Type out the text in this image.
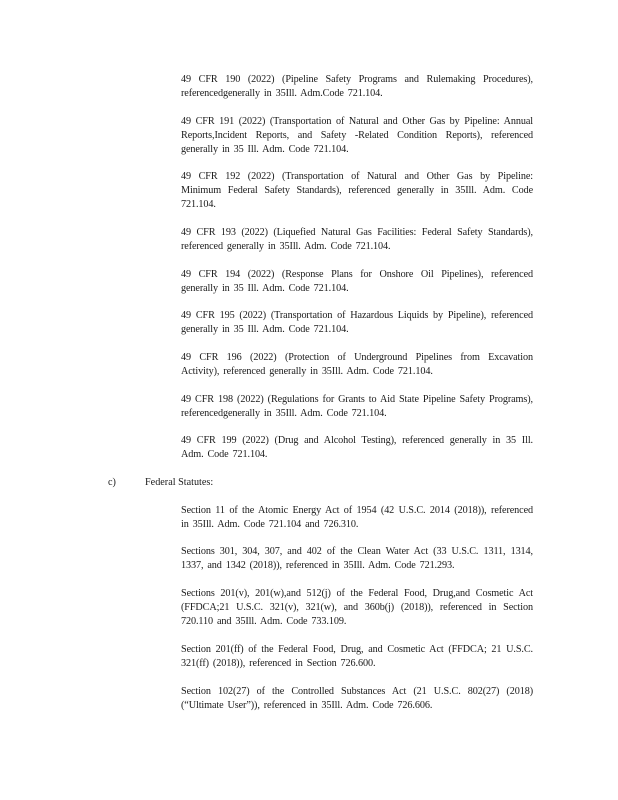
49 CFR 190 (2022) (Pipeline Safety Programs and Rulemaking Procedures), referencedgenerally in 35Ill. Adm.Code 721.104.
49 CFR 191 (2022) (Transportation of Natural and Other Gas by Pipeline: Annual Reports,Incident Reports, and Safety -Related Condition Reports), referenced generally in 35 Ill. Adm. Code 721.104.
49 CFR 192 (2022) (Transportation of Natural and Other Gas by Pipeline: Minimum Federal Safety Standards), referenced generally in 35Ill. Adm. Code 721.104.
49 CFR 193 (2022) (Liquefied Natural Gas Facilities: Federal Safety Standards), referenced generally in 35Ill. Adm. Code 721.104.
49 CFR 194 (2022) (Response Plans for Onshore Oil Pipelines), referenced generally in 35 Ill. Adm. Code 721.104.
49 CFR 195 (2022) (Transportation of Hazardous Liquids by Pipeline), referenced generally in 35 Ill. Adm. Code 721.104.
49 CFR 196 (2022) (Protection of Underground Pipelines from Excavation Activity), referenced generally in 35Ill. Adm. Code 721.104.
49 CFR 198 (2022) (Regulations for Grants to Aid State Pipeline Safety Programs), referencedgenerally in 35Ill. Adm. Code 721.104.
49 CFR 199 (2022) (Drug and Alcohol Testing), referenced generally in 35 Ill. Adm. Code 721.104.
c)	Federal Statutes:
Section 11 of the Atomic Energy Act of 1954 (42 U.S.C. 2014 (2018)), referenced in 35Ill. Adm. Code 721.104 and 726.310.
Sections 301, 304, 307, and 402 of the Clean Water Act (33 U.S.C. 1311, 1314, 1337, and 1342 (2018)), referenced in 35Ill. Adm. Code 721.293.
Sections 201(v), 201(w),and 512(j) of the Federal Food, Drug,and Cosmetic Act (FFDCA;21 U.S.C. 321(v), 321(w), and 360b(j) (2018)), referenced in Section 720.110 and 35Ill. Adm. Code 733.109.
Section 201(ff) of the Federal Food, Drug, and Cosmetic Act (FFDCA; 21 U.S.C. 321(ff) (2018)), referenced in Section 726.600.
Section 102(27) of the Controlled Substances Act (21 U.S.C. 802(27) (2018) (“Ultimate User”)), referenced in 35Ill. Adm. Code 726.606.
